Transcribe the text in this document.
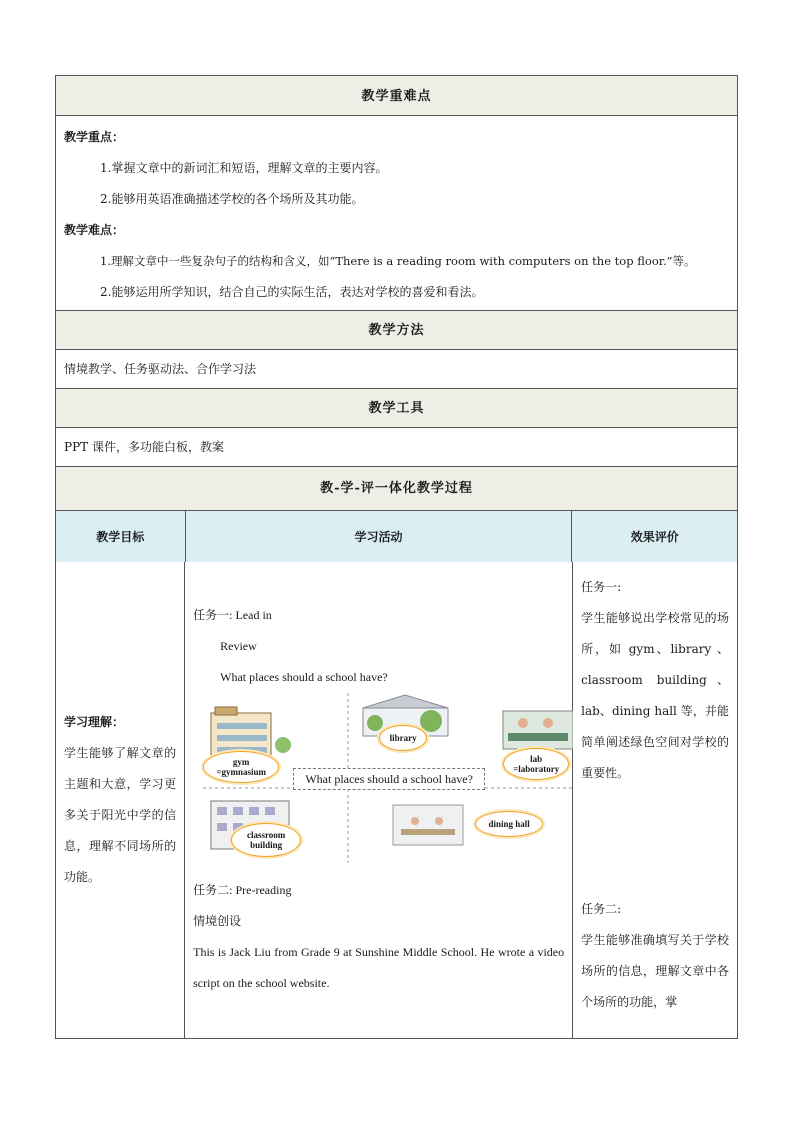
教学重难点
教学重点：
1.掌握文章中的新词汇和短语，理解文章的主要内容。
2.能够用英语准确描述学校的各个场所及其功能。
教学难点：
1.理解文章中一些复杂句子的结构和含义，如“There is a reading room with computers on the top floor.”等。
2.能够运用所学知识，结合自己的实际生活，表达对学校的喜爱和看法。
教学方法
情境教学、任务驱动法、合作学习法
教学工具
PPT 课件，多功能白板，教案
教-学-评一体化教学过程
教学目标	学习活动	效果评价
学习理解：
学生能够了解文章的主题和大意，学习更多关于阳光中学的信息，理解不同场所的功能。
任务一: Lead in
Review
What places should a school have?
gym
=gymnasium
library
lab
=laboratory
classroom
building
dining hall
What places should a school have?
任务二: Pre-reading
情境创设
This is Jack Liu from Grade 9 at Sunshine Middle School. He wrote a video script on the school website.
任务一:
学生能够说出学校常见的场所，如 gym、library 、classroom building、lab、dining hall 等，并能简单阐述绿色空间对学校的重要性。
任务二:
学生能够准确填写关于学校场所的信息，理解文章中各个场所的功能，掌
